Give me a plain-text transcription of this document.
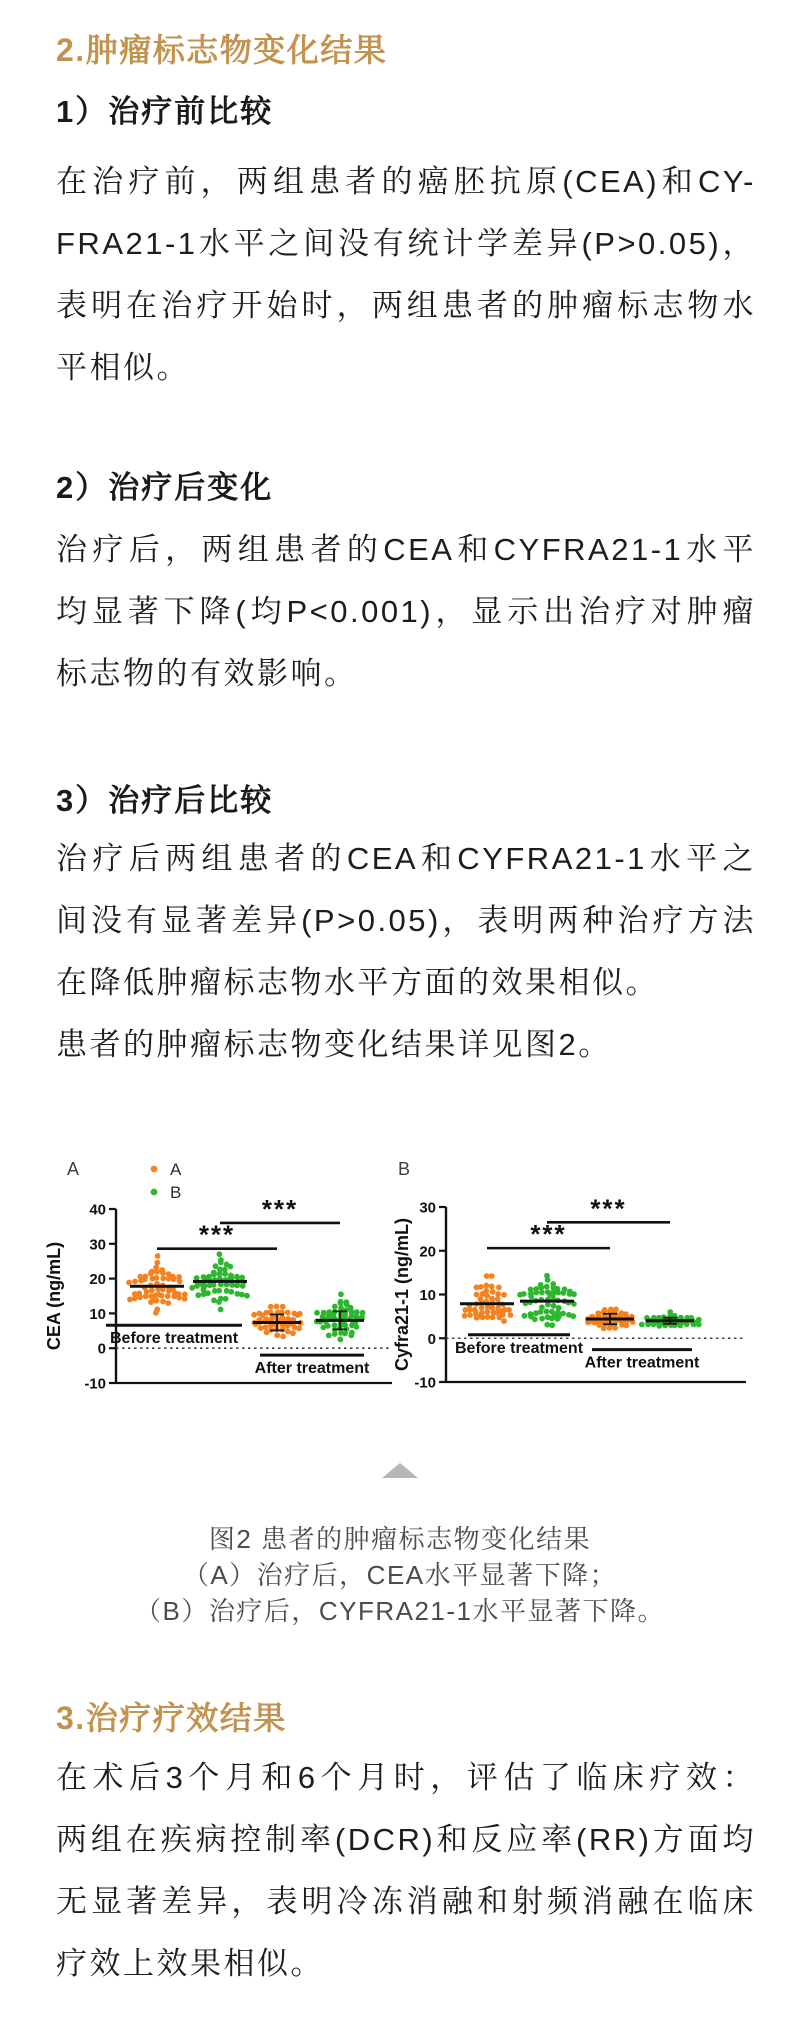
2.肿瘤标志物变化结果
1）治疗前比较
在治疗前，两组患者的癌胚抗原(CEA)和CY-
FRA21-1水平之间没有统计学差异(P>0.05)，
表明在治疗开始时，两组患者的肿瘤标志物水
平相似。
2）治疗后变化
治疗后，两组患者的CEA和CYFRA21-1水平
均显著下降(均P<0.001)，显示出治疗对肿瘤
标志物的有效影响。
3）治疗后比较
治疗后两组患者的CEA和CYFRA21-1水平之
间没有显著差异(P>0.05)，表明两种治疗方法
在降低肿瘤标志物水平方面的效果相似。
患者的肿瘤标志物变化结果详见图2。
A	A
B
40
30
20
10
0
-10
CEA (ng/mL)
***
***
Before treatment
After treatment
B
30
20
10
0
-10
Cyfra21-1 (ng/mL)	***
***
Before treatment
After treatment
图2 患者的肿瘤标志物变化结果
（A）治疗后，CEA水平显著下降；
（B）治疗后，CYFRA21-1水平显著下降。
3.治疗疗效结果
在术后3个月和6个月时，评估了临床疗效：
两组在疾病控制率(DCR)和反应率(RR)方面均
无显著差异，表明冷冻消融和射频消融在临床
疗效上效果相似。
